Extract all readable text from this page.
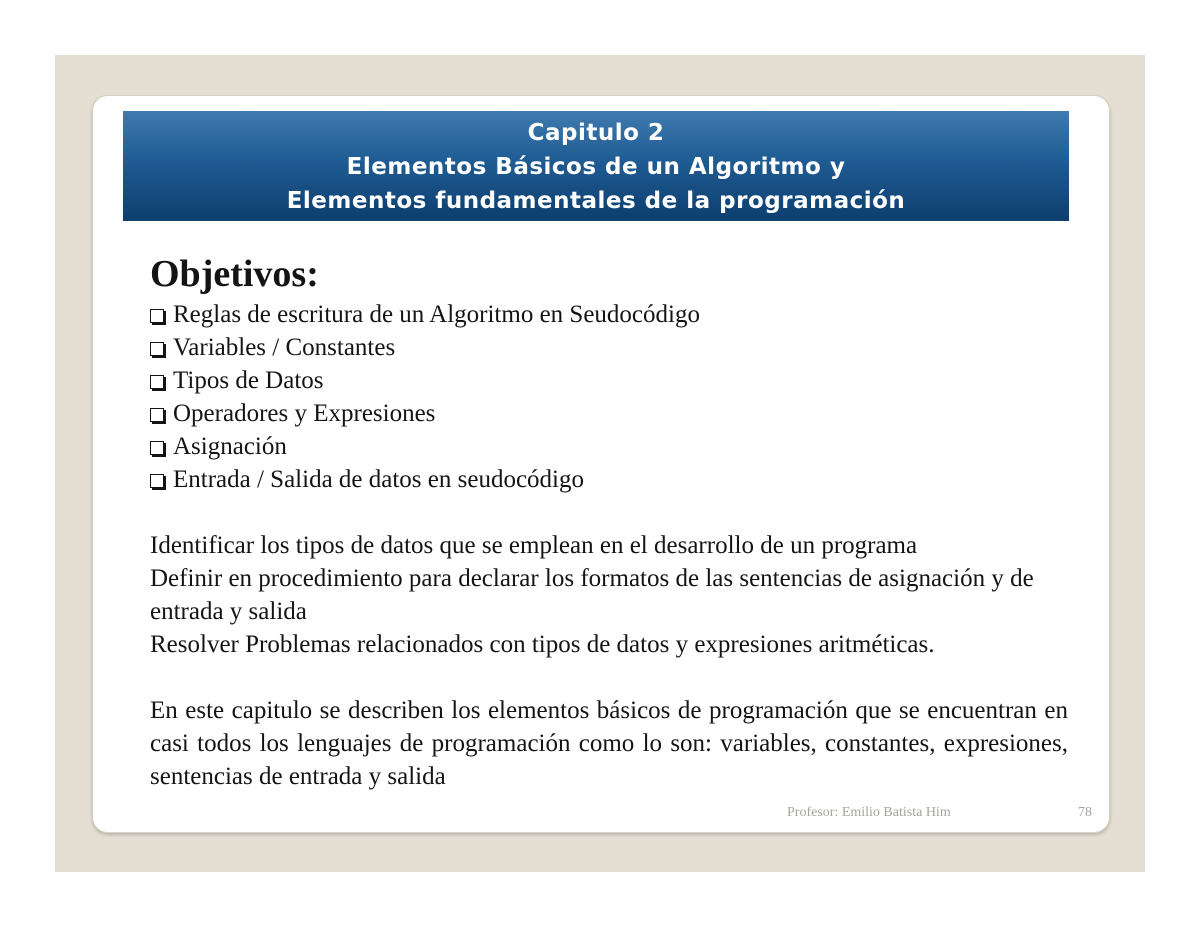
Capitulo 2
Elementos Básicos de un Algoritmo y
Elementos fundamentales de la programación
Objetivos:
Reglas de escritura de un Algoritmo en Seudocódigo
Variables / Constantes
Tipos de Datos
Operadores y Expresiones
Asignación
Entrada / Salida de datos en seudocódigo

Identificar los tipos de datos que se emplean en el desarrollo de un programa

Definir en procedimiento para declarar los formatos de las sentencias de asignación y de entrada y salida

Resolver Problemas relacionados con tipos de datos y expresiones aritméticas.

En este capitulo se describen los elementos básicos de programación que se encuentran en casi todos los lenguajes de programación como lo son: variables, constantes, expresiones, sentencias de entrada y salida

Profesor: Emilio Batista Him	78
